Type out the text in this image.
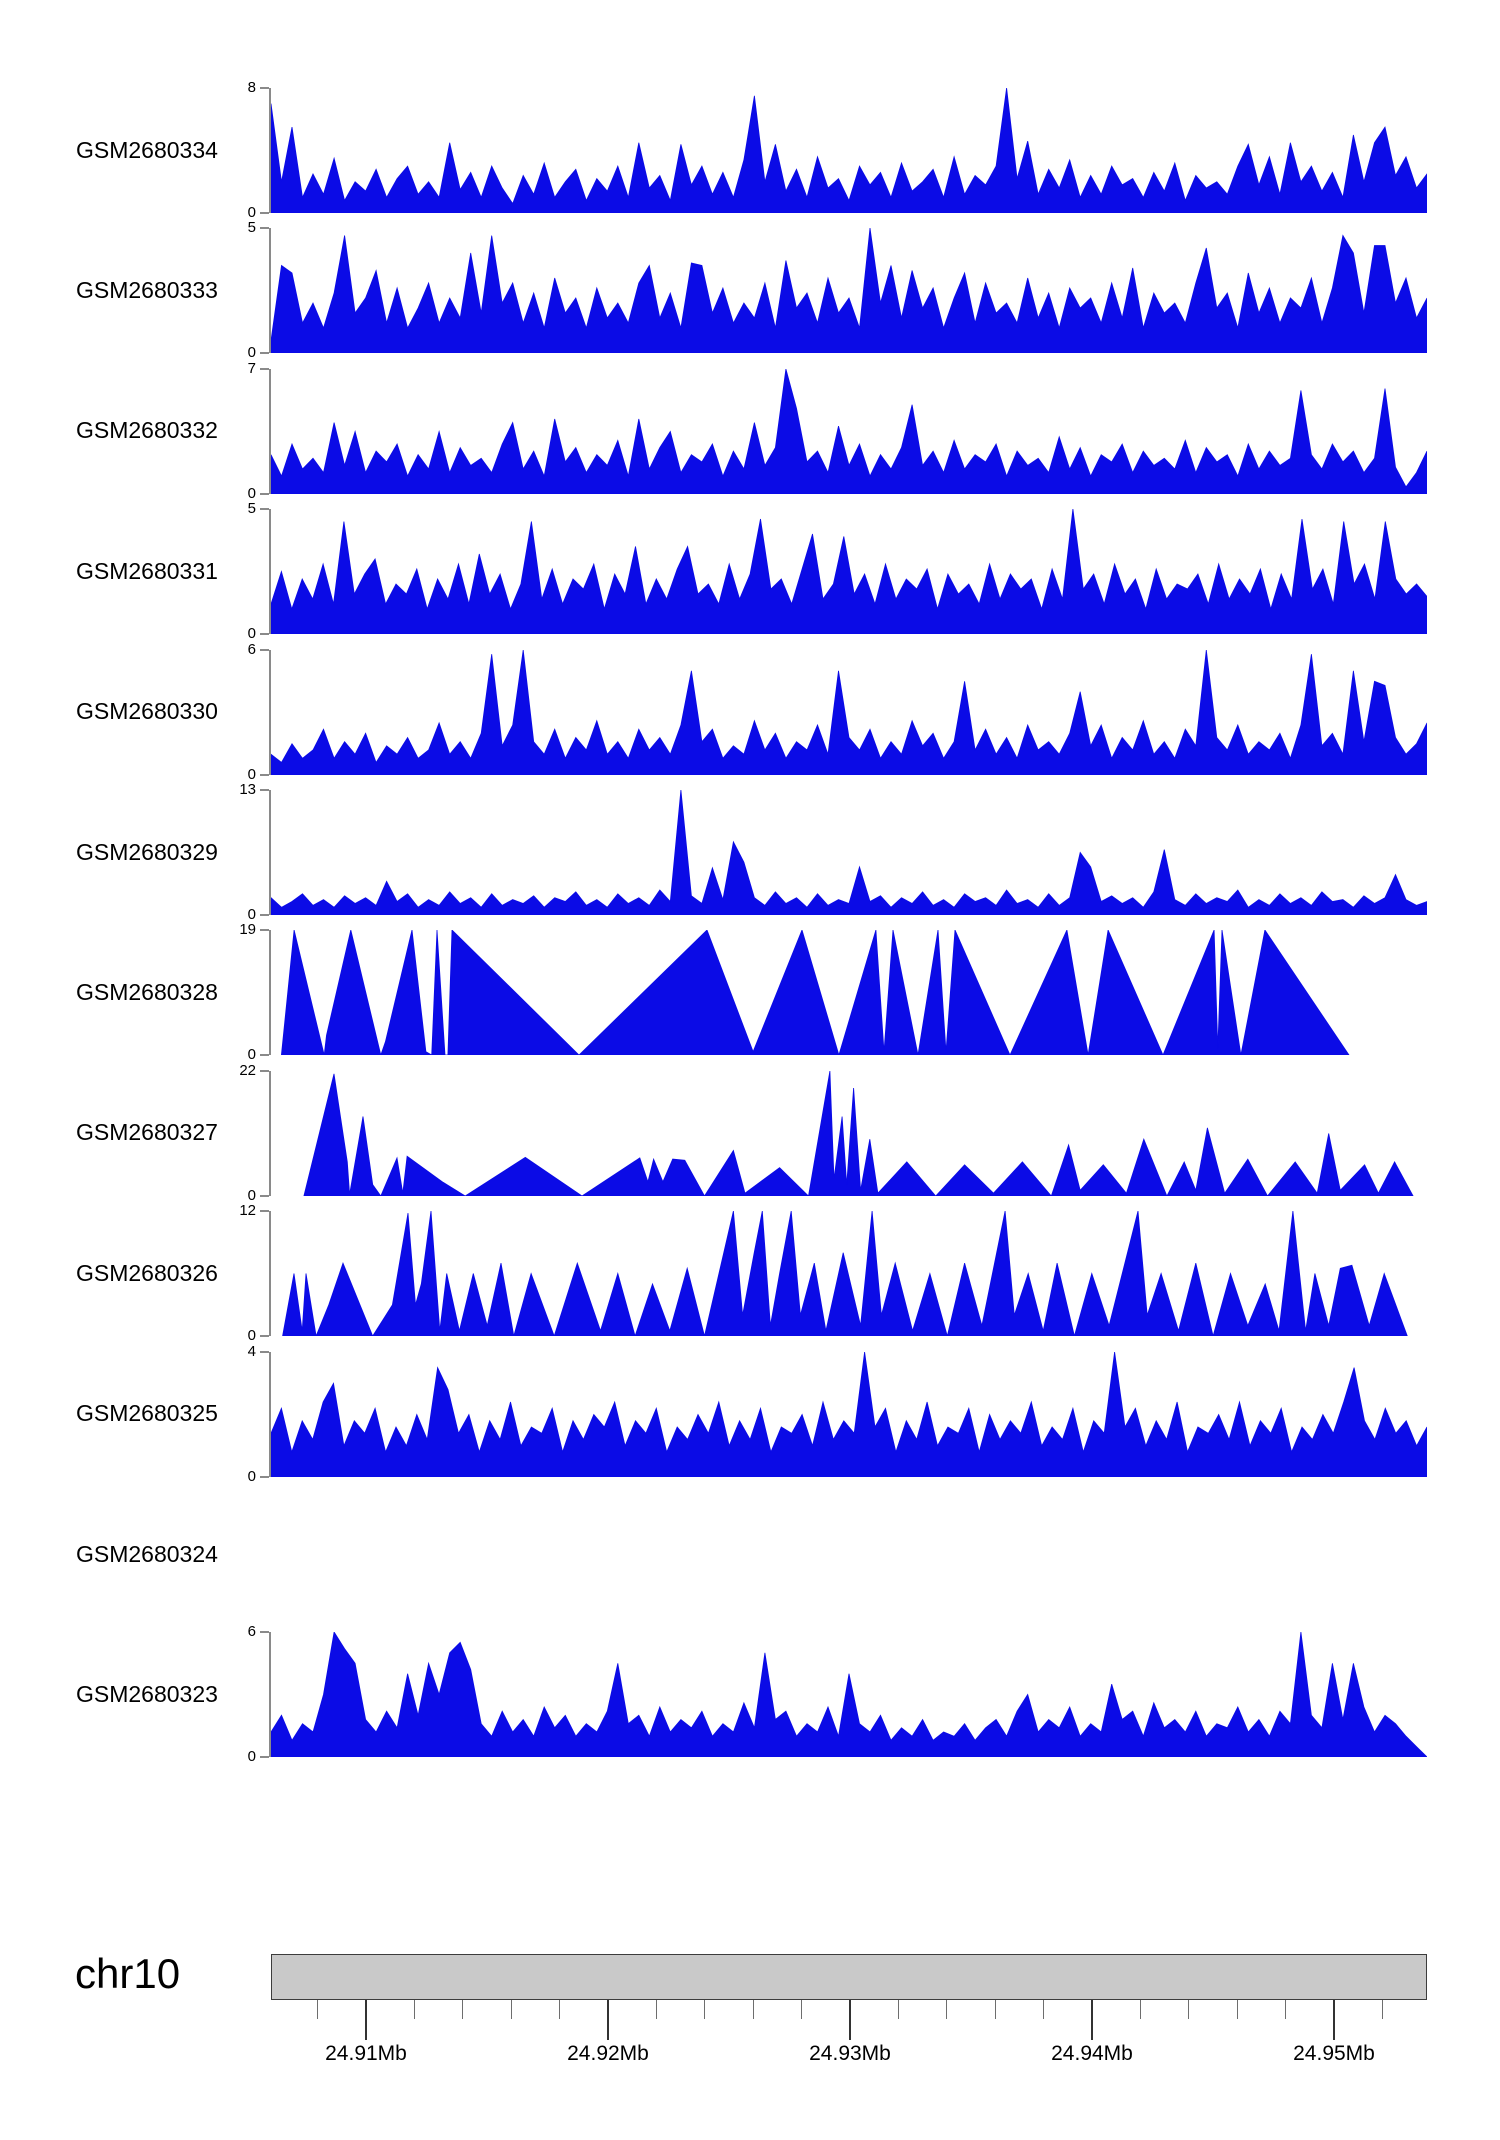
GSM2680334
8
0
GSM2680333
5
0
GSM2680332
7
0
GSM2680331
5
0
GSM2680330
6
0
GSM2680329
13
0
GSM2680328
19
0
GSM2680327
22
0
GSM2680326
12
0
GSM2680325
4
0
GSM2680324
GSM2680323
6
0
chr10
24.91Mb	24.92Mb	24.93Mb	24.94Mb	24.95Mb
